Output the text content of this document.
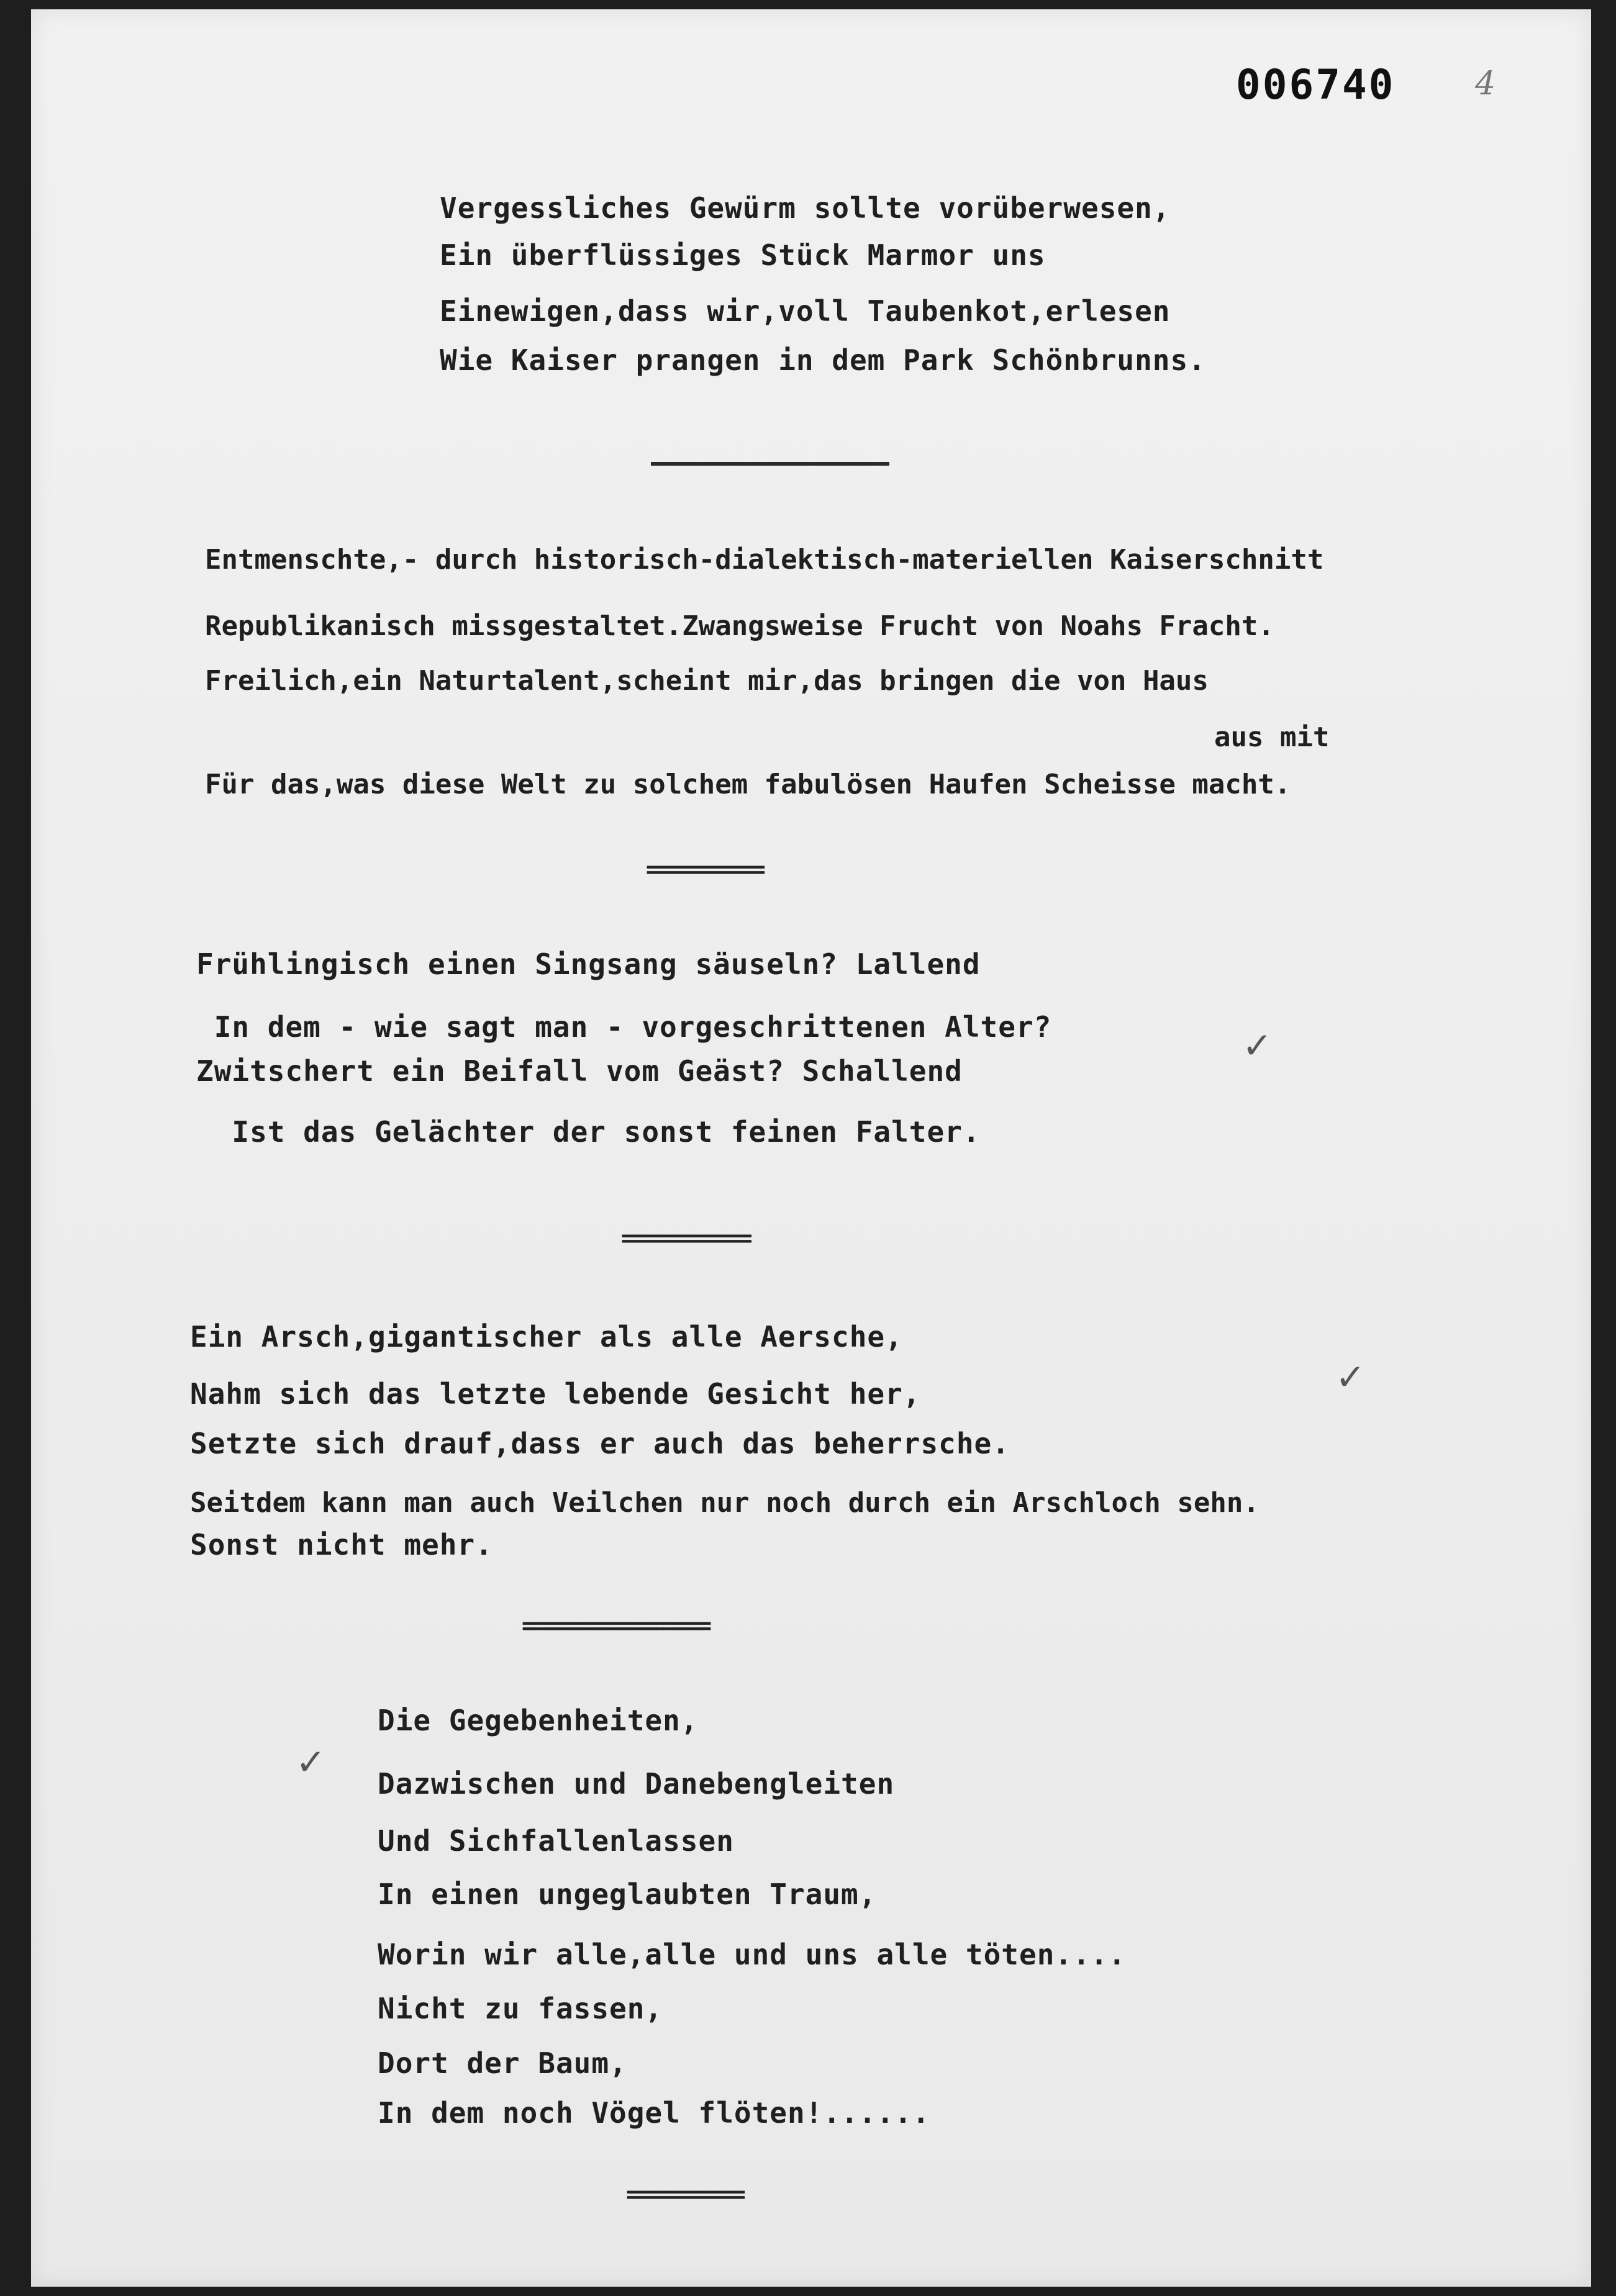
006740 4
Vergessliches Gewürm sollte vorüberwesen,
Ein überflüssiges Stück Marmor uns
Einewigen,dass wir,voll Taubenkot,erlesen
Wie Kaiser prangen in dem Park Schönbrunns.
Entmenschte,- durch historisch-dialektisch-materiellen Kaiserschnitt
Republikanisch missgestaltet.Zwangsweise Frucht von Noahs Fracht.
Freilich,ein Naturtalent,scheint mir,das bringen die von Haus
aus mit
Für das,was diese Welt zu solchem fabulösen Haufen Scheisse macht.
==========
Frühlingisch einen Singsang säuseln? Lallend
In dem - wie sagt man - vorgeschrittenen Alter?
Zwitschert ein Beifall vom Geäst? Schallend
Ist das Gelächter der sonst feinen Falter.
✓
===========
Ein Arsch,gigantischer als alle Aersche,
Nahm sich das letzte lebende Gesicht her,
Setzte sich drauf,dass er auch das beherrsche.
Seitdem kann man auch Veilchen nur noch durch ein Arschloch sehn.
Sonst nicht mehr.
✓
================
Die Gegebenheiten,
Dazwischen und Danebengleiten
Und Sichfallenlassen
In einen ungeglaubten Traum,
Worin wir alle,alle und uns alle töten....
Nicht zu fassen,
Dort der Baum,
In dem noch Vögel flöten!......
✓
==========
